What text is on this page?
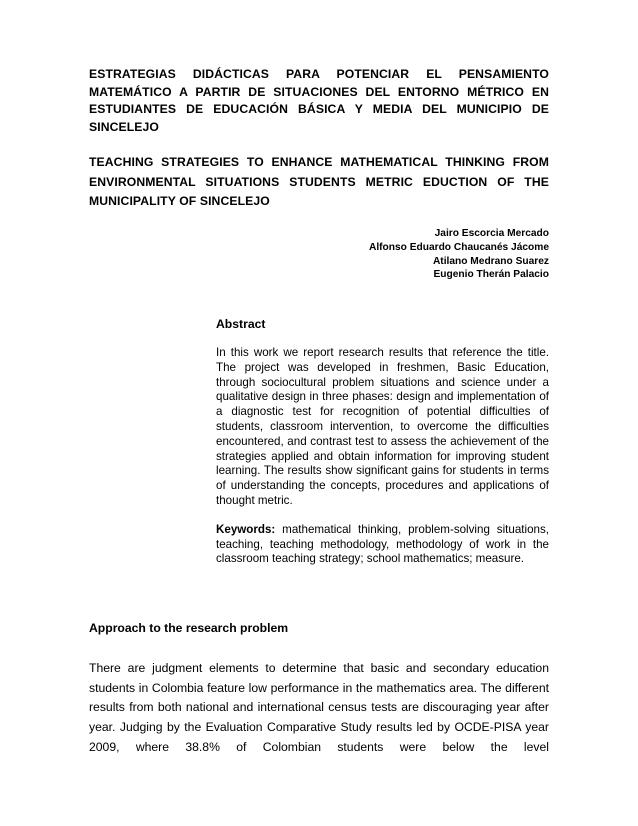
ESTRATEGIAS DIDÁCTICAS PARA POTENCIAR EL PENSAMIENTO MATEMÁTICO A PARTIR DE SITUACIONES DEL ENTORNO MÉTRICO EN ESTUDIANTES DE EDUCACIÓN BÁSICA Y MEDIA DEL MUNICIPIO DE SINCELEJO
TEACHING STRATEGIES TO ENHANCE MATHEMATICAL THINKING FROM ENVIRONMENTAL SITUATIONS STUDENTS METRIC EDUCTION OF THE MUNICIPALITY OF SINCELEJO
Jairo Escorcia Mercado
Alfonso Eduardo Chaucanés Jácome
Atilano Medrano Suarez
Eugenio Therán Palacio

Abstract

In this work we report research results that reference the title. The project was developed in freshmen, Basic Education, through sociocultural problem situations and science under a qualitative design in three phases: design and implementation of a diagnostic test for recognition of potential difficulties of students, classroom intervention, to overcome the difficulties encountered, and contrast test to assess the achievement of the strategies applied and obtain information for improving student learning. The results show significant gains for students in terms of understanding the concepts, procedures and applications of thought metric.
Keywords: mathematical thinking, problem-solving situations, teaching, teaching methodology, methodology of work in the classroom teaching strategy; school mathematics; measure.
Approach to the research problem
There are judgment elements to determine that basic and secondary education students in Colombia feature low performance in the mathematics area. The different results from both national and international census tests are discouraging year after year. Judging by the Evaluation Comparative Study results led by OCDE-PISA year 2009, where 38.8% of Colombian students were below the level
